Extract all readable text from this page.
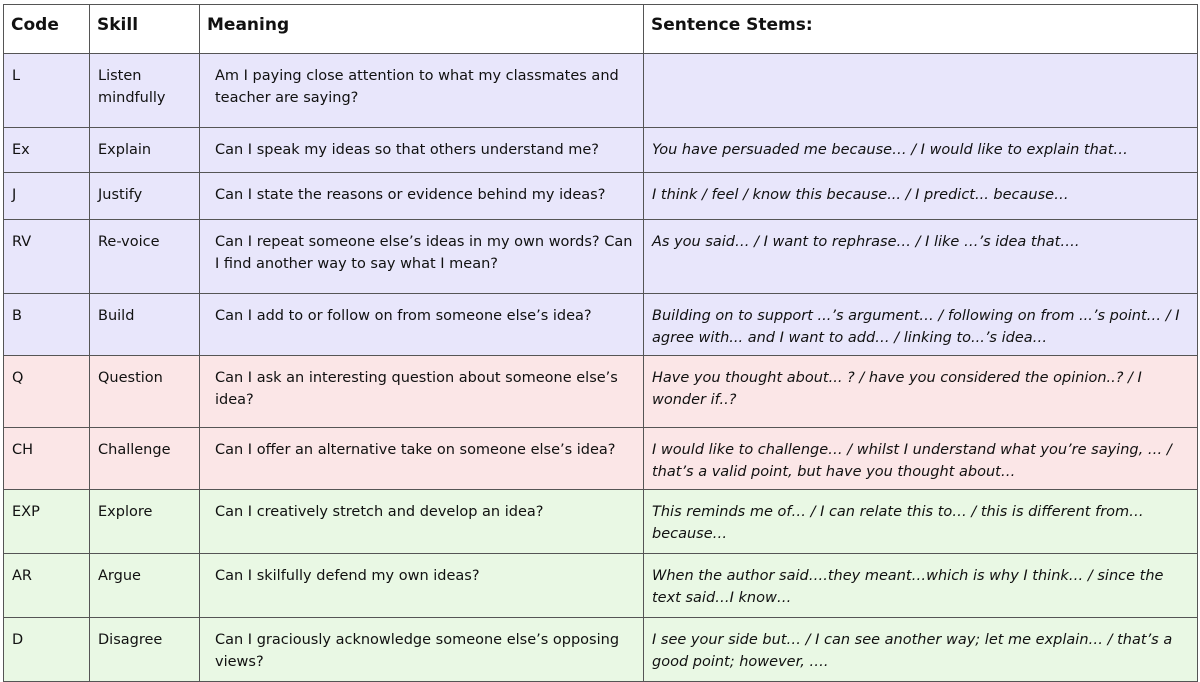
Code	Skill	Meaning	Sentence Stems:
L	Listen mindfully	Am I paying close attention to what my classmates and teacher are saying?	
Ex	Explain	Can I speak my ideas so that others understand me?	You have persuaded me because… / I would like to explain that…
J	Justify	Can I state the reasons or evidence behind my ideas?	I think / feel / know this because... / I predict... because…
RV	Re-voice	Can I repeat someone else’s ideas in my own words? Can I find another way to say what I mean?	As you said… / I want to rephrase… / I like …’s idea that….
B	Build	Can I add to or follow on from someone else’s idea?	Building on to support ...’s argument… / following on from ...’s point… / I agree with... and I want to add… / linking to...’s idea…
Q	Question	Can I ask an interesting question about someone else’s idea?	Have you thought about... ? / have you considered the opinion..? / I wonder if..?
CH	Challenge	Can I offer an alternative take on someone else’s idea?	I would like to challenge… / whilst I understand what you’re saying, … / that’s a valid point, but have you thought about…
EXP	Explore	Can I creatively stretch and develop an idea?	This reminds me of… / I can relate this to… / this is different from…because…
AR	Argue	Can I skilfully defend my own ideas?	When the author said….they meant…which is why I think… / since the text said…I know…
D	Disagree	Can I graciously acknowledge someone else’s opposing views?	I see your side but… / I can see another way; let me explain… / that’s a good point; however, ….
